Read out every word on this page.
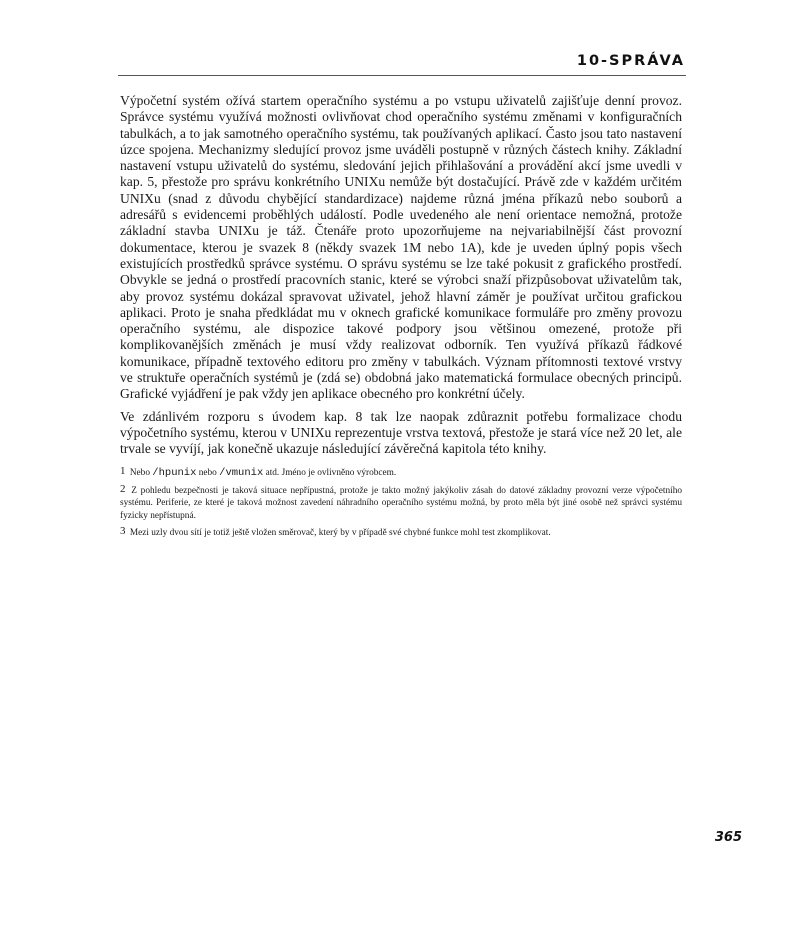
10-SPRÁVA

Výpočetní systém ožívá startem operačního systému a po vstupu uživatelů zajišťuje denní provoz. Správce systému využívá možnosti ovlivňovat chod operačního systému změnami v konfiguračních tabulkách, a to jak samotného operačního systému, tak používaných aplikací. Často jsou tato nastavení úzce spojena. Mechanizmy sledující provoz jsme uváděli postupně v různých částech knihy. Základní nastavení vstupu uživatelů do systému, sledování jejich přihlašování a provádění akcí jsme uvedli v kap. 5, přestože pro správu konkrétního UNIXu nemůže být dostačující. Právě zde v každém určitém UNIXu (snad z důvodu chybějící standardizace) najdeme různá jména příkazů nebo souborů a adresářů s evidencemi proběhlých událostí. Podle uvedeného ale není orientace nemožná, protože základní stavba UNIXu je táž. Čtenáře proto upozorňujeme na nejvariabilnější část provozní dokumentace, kterou je svazek 8 (někdy svazek 1M nebo 1A), kde je uveden úplný popis všech existujících prostředků správce systému. O správu systému se lze také pokusit z grafického prostředí. Obvykle se jedná o prostředí pracovních stanic, které se výrobci snaží přizpůsobovat uživatelům tak, aby provoz systému dokázal spravovat uživatel, jehož hlavní záměr je používat určitou grafickou aplikaci. Proto je snaha předkládat mu v oknech grafické komunikace formuláře pro změny provozu operačního systému, ale dispozice takové podpory jsou většinou omezené, protože při komplikovanějších změnách je musí vždy realizovat odborník. Ten využívá příkazů řádkové komunikace, případně textového editoru pro změny v tabulkách. Význam přítomnosti textové vrstvy ve struktuře operačních systémů je (zdá se) obdobná jako matematická formulace obecných principů. Grafické vyjádření je pak vždy jen aplikace obecného pro konkrétní účely.

Ve zdánlivém rozporu s úvodem kap. 8 tak lze naopak zdůraznit potřebu formalizace chodu výpočetního systému, kterou v UNIXu reprezentuje vrstva textová, přestože je stará více než 20 let, ale trvale se vyvíjí, jak konečně ukazuje následující závěrečná kapitola této knihy.

1 Nebo /hpunix nebo /vmunix atd. Jméno je ovlivněno výrobcem.
2 Z pohledu bezpečnosti je taková situace nepřípustná, protože je takto možný jakýkoliv zásah do datové základny provozní verze výpočetního systému. Periferie, ze které je taková možnost zavedení náhradního operačního systému možná, by proto měla být jiné osobě než správci systému fyzicky nepřístupná.
3 Mezi uzly dvou sítí je totiž ještě vložen směrovač, který by v případě své chybné funkce mohl test zkomplikovat.
365
